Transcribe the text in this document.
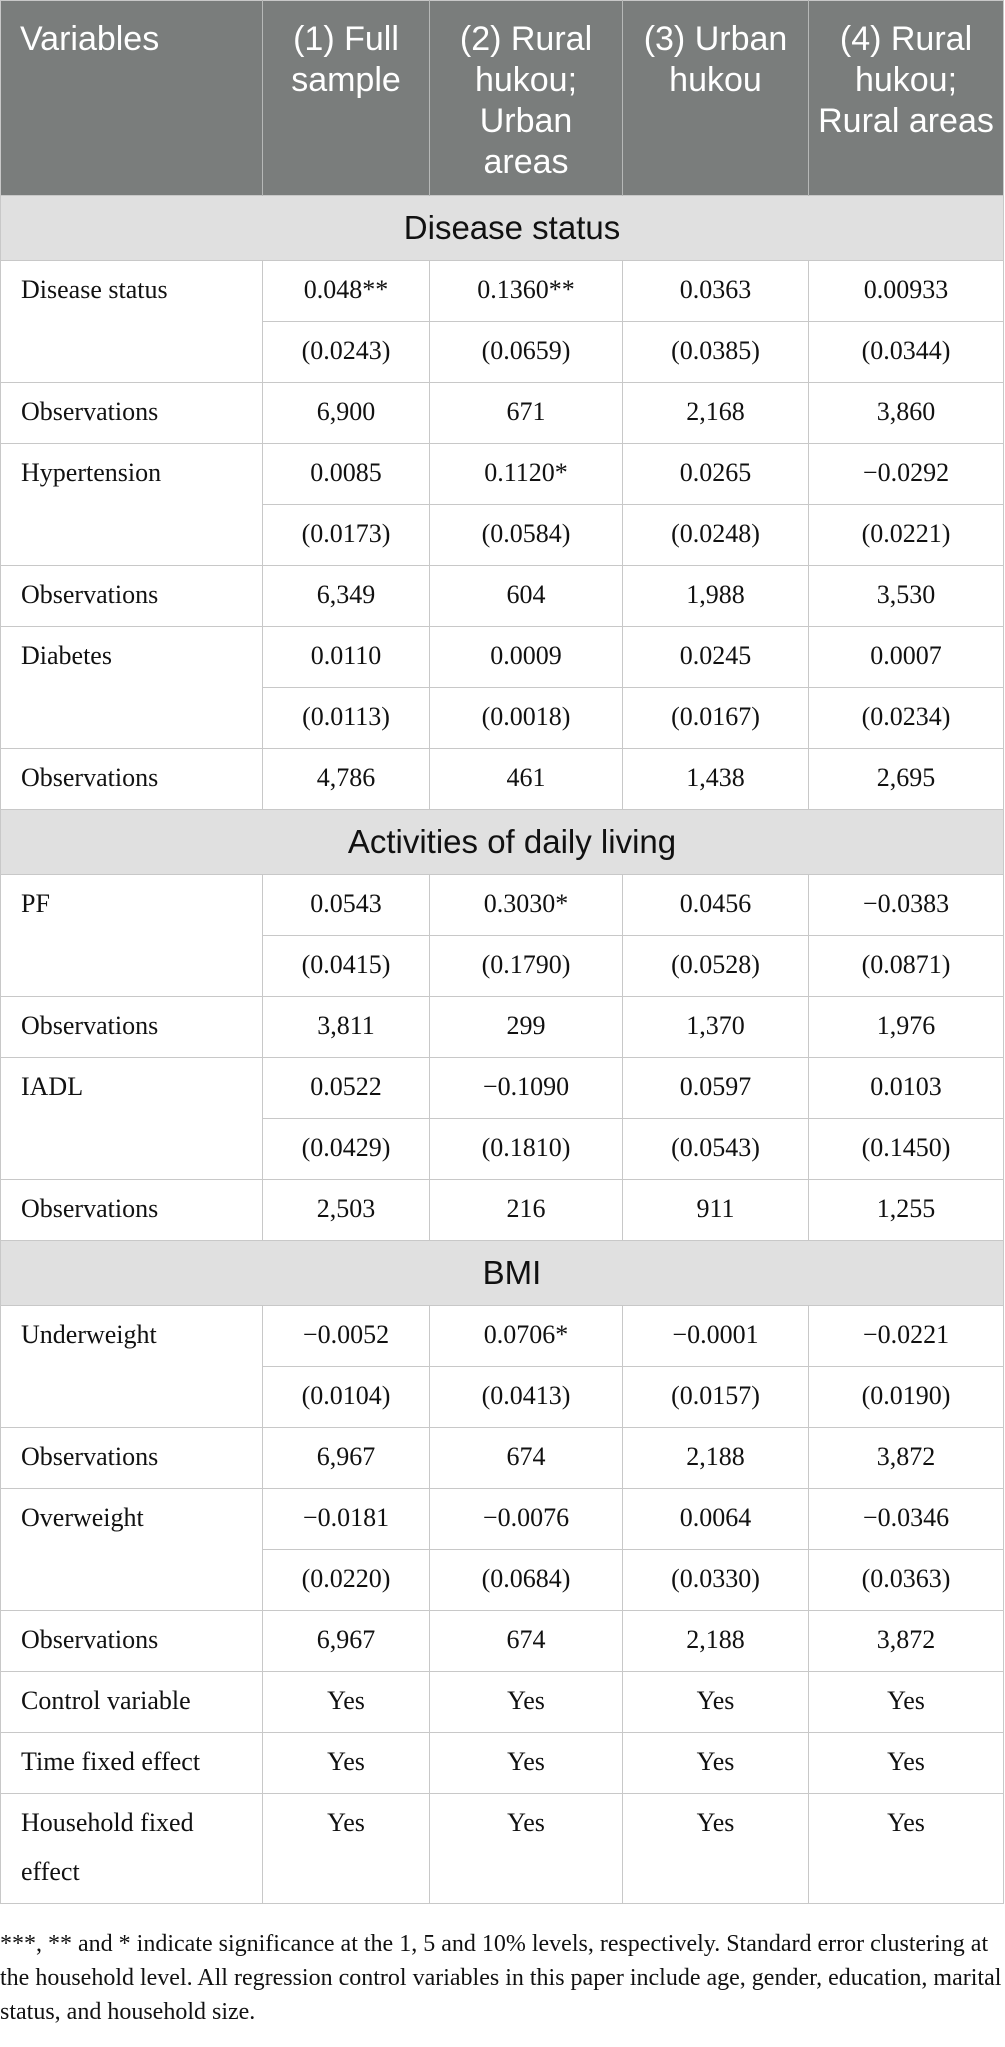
Variables	(1) Full sample	(2) Rural hukou; Urban areas	(3) Urban hukou	(4) Rural hukou; Rural areas
Disease status				
Disease status	0.048**	0.1360**	0.0363	0.00933
	(0.0243)	(0.0659)	(0.0385)	(0.0344)
Observations	6,900	671	2,168	3,860
Hypertension	0.0085	0.1120*	0.0265	−0.0292
	(0.0173)	(0.0584)	(0.0248)	(0.0221)
Observations	6,349	604	1,988	3,530
Diabetes	0.0110	0.0009	0.0245	0.0007
	(0.0113)	(0.0018)	(0.0167)	(0.0234)
Observations	4,786	461	1,438	2,695
Activities of daily living				
PF	0.0543	0.3030*	0.0456	−0.0383
	(0.0415)	(0.1790)	(0.0528)	(0.0871)
Observations	3,811	299	1,370	1,976
IADL	0.0522	−0.1090	0.0597	0.0103
	(0.0429)	(0.1810)	(0.0543)	(0.1450)
Observations	2,503	216	911	1,255
BMI				
Underweight	−0.0052	0.0706*	−0.0001	−0.0221
	(0.0104)	(0.0413)	(0.0157)	(0.0190)
Observations	6,967	674	2,188	3,872
Overweight	−0.0181	−0.0076	0.0064	−0.0346
	(0.0220)	(0.0684)	(0.0330)	(0.0363)
Observations	6,967	674	2,188	3,872
Control variable	Yes	Yes	Yes	Yes
Time fixed effect	Yes	Yes	Yes	Yes
Household fixed effect	Yes	Yes	Yes	Yes
***, ** and * indicate significance at the 1, 5 and 10% levels, respectively. Standard error clustering at the household level. All regression control variables in this paper include age, gender, education, marital status, and household size.
